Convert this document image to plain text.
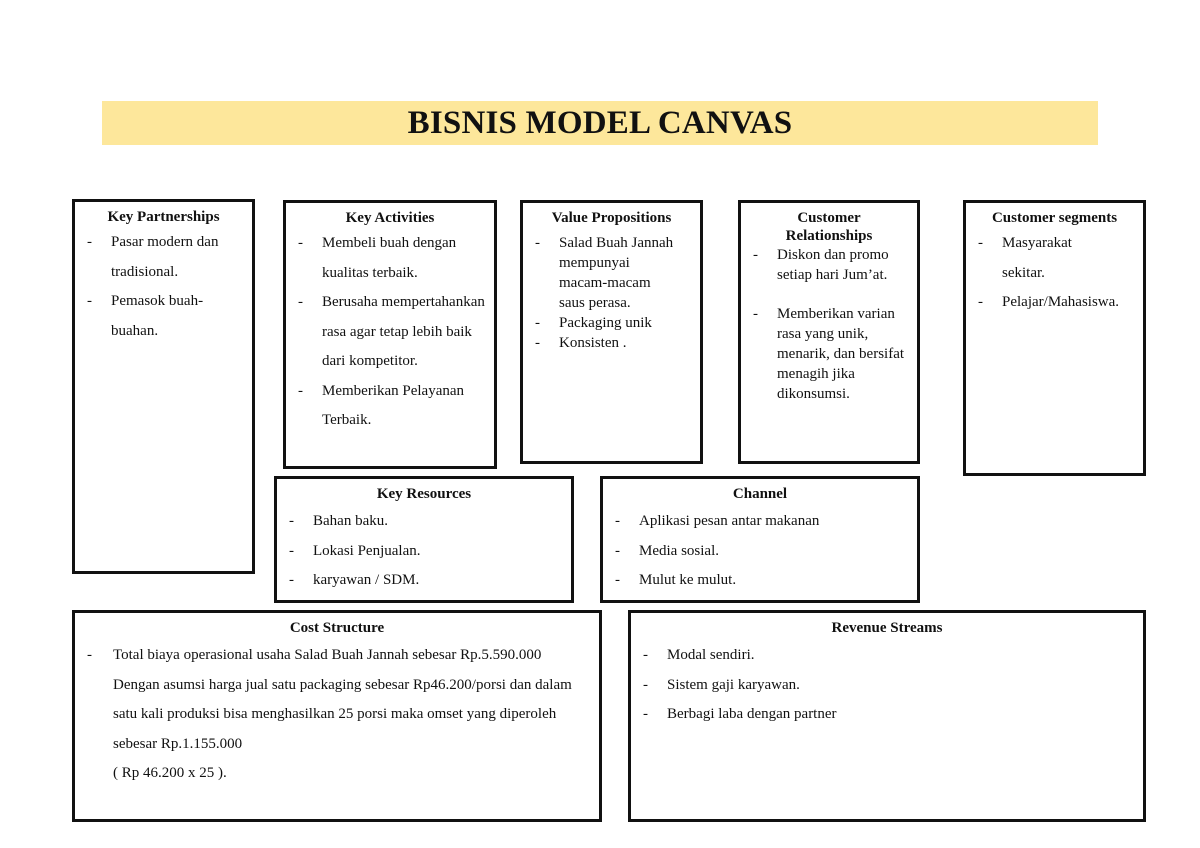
BISNIS MODEL CANVAS
Key Partnerships
- Pasar modern dan tradisional.
- Pemasok buah-buahan.
Key Activities
- Membeli buah dengan kualitas terbaik.
- Berusaha mempertahankan rasa agar tetap lebih baik dari kompetitor.
- Memberikan Pelayanan Terbaik.
Value Propositions
- Salad Buah Jannah mempunyai macam-macam saus perasa.
- Packaging unik
- Konsisten .
Customer Relationships
- Diskon dan promo setiap hari Jum’at.
- Memberikan varian rasa yang unik, menarik, dan bersifat menagih jika dikonsumsi.
Customer segments
- Masyarakat sekitar.
- Pelajar/Mahasiswa.
Key Resources
- Bahan baku.
- Lokasi Penjualan.
- karyawan / SDM.
Channel
- Aplikasi pesan antar makanan
- Media sosial.
- Mulut ke mulut.
Cost Structure
- Total biaya operasional usaha Salad Buah Jannah sebesar Rp.5.590.000 Dengan asumsi harga jual satu packaging sebesar Rp46.200/porsi dan dalam satu kali produksi bisa menghasilkan 25 porsi maka omset yang diperoleh sebesar Rp.1.155.000
( Rp 46.200 x 25 ).
Revenue Streams
- Modal sendiri.
- Sistem gaji karyawan.
- Berbagi laba dengan partner
